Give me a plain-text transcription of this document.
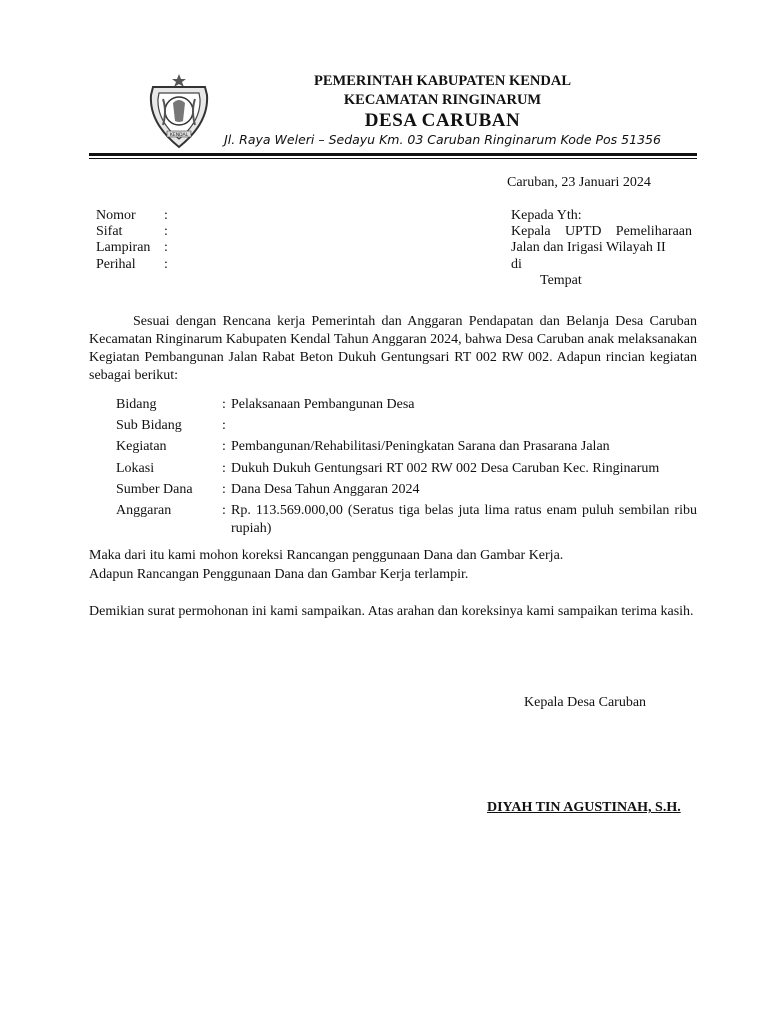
KENDAL
PEMERINTAH KABUPATEN KENDAL
KECAMATAN RINGINARUM
DESA CARUBAN
Jl. Raya Weleri – Sedayu Km. 03 Caruban Ringinarum Kode Pos 51356
Caruban, 23 Januari 2024
Nomor :
Sifat	:
Lampiran :
Perihal :
Kepada Yth:
Kepala UPTD Pemeliharaan
Jalan dan Irigasi Wilayah II
di
Tempat
Sesuai dengan Rencana kerja Pemerintah dan Anggaran Pendapatan dan Belanja Desa Caruban Kecamatan Ringinarum Kabupaten Kendal Tahun Anggaran 2024, bahwa Desa Caruban anak melaksanakan Kegiatan Pembangunan Jalan Rabat Beton Dukuh Gentungsari RT 002 RW 002. Adapun rincian kegiatan sebagai berikut:
Bidang	: Pelaksanaan Pembangunan Desa
Sub Bidang	:
Kegiatan	: Pembangunan/Rehabilitasi/Peningkatan Sarana dan Prasarana Jalan
Lokasi	: Dukuh Dukuh Gentungsari RT 002 RW 002 Desa Caruban Kec. Ringinarum
Sumber Dana : Dana Desa Tahun Anggaran 2024
Anggaran	: Rp. 113.569.000,00 (Seratus tiga belas juta lima ratus enam puluh sembilan ribu rupiah)
Maka dari itu kami mohon koreksi Rancangan penggunaan Dana dan Gambar Kerja.
Adapun Rancangan Penggunaan Dana dan Gambar Kerja terlampir.
Demikian surat permohonan ini kami sampaikan. Atas arahan dan koreksinya kami sampaikan terima kasih.
Kepala Desa Caruban
DIYAH TIN AGUSTINAH, S.H.
